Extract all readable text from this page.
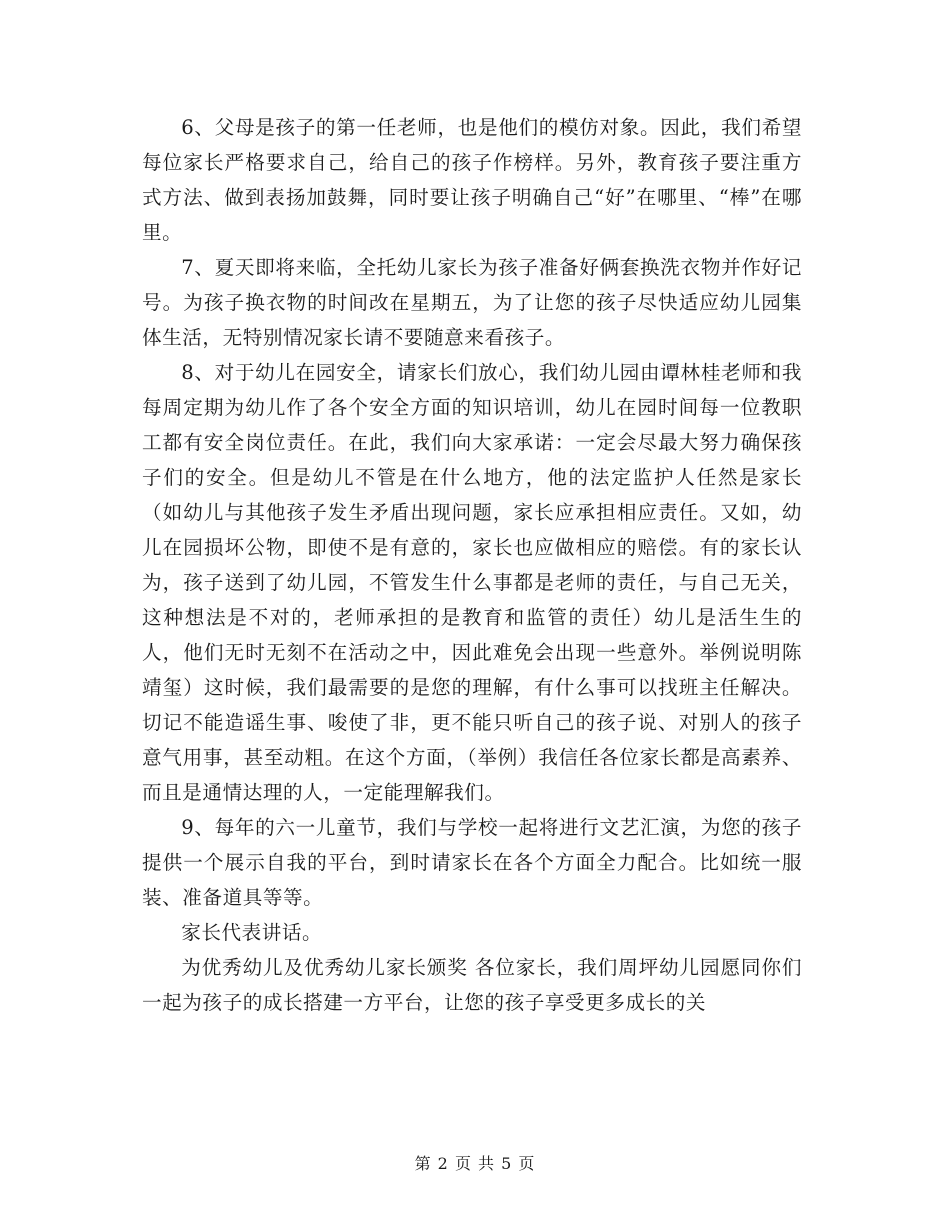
6、父母是孩子的第一任老师，也是他们的模仿对象。因此，我们希望每位家长严格要求自己，给自己的孩子作榜样。另外，教育孩子要注重方式方法、做到表扬加鼓舞，同时要让孩子明确自己“好”在哪里、“棒”在哪里。

7、夏天即将来临，全托幼儿家长为孩子准备好俩套换洗衣物并作好记号。为孩子换衣物的时间改在星期五，为了让您的孩子尽快适应幼儿园集体生活，无特别情况家长请不要随意来看孩子。

8、对于幼儿在园安全，请家长们放心，我们幼儿园由谭林桂老师和我每周定期为幼儿作了各个安全方面的知识培训，幼儿在园时间每一位教职工都有安全岗位责任。在此，我们向大家承诺：一定会尽最大努力确保孩子们的安全。但是幼儿不管是在什么地方，他的法定监护人任然是家长（如幼儿与其他孩子发生矛盾出现问题，家长应承担相应责任。又如，幼儿在园损坏公物，即使不是有意的，家长也应做相应的赔偿。有的家长认为，孩子送到了幼儿园，不管发生什么事都是老师的责任，与自己无关，这种想法是不对的，老师承担的是教育和监管的责任）幼儿是活生生的人，他们无时无刻不在活动之中，因此难免会出现一些意外。举例说明陈靖玺）这时候，我们最需要的是您的理解，有什么事可以找班主任解决。切记不能造谣生事、唆使了非，更不能只听自己的孩子说、对别人的孩子意气用事，甚至动粗。在这个方面，（举例）我信任各位家长都是高素养、而且是通情达理的人，一定能理解我们。

9、每年的六一儿童节，我们与学校一起将进行文艺汇演，为您的孩子提供一个展示自我的平台，到时请家长在各个方面全力配合。比如统一服装、准备道具等等。

家长代表讲话。

为优秀幼儿及优秀幼儿家长颁奖 各位家长，我们周坪幼儿园愿同你们一起为孩子的成长搭建一方平台，让您的孩子享受更多成长的关

第 2 页 共 5 页
